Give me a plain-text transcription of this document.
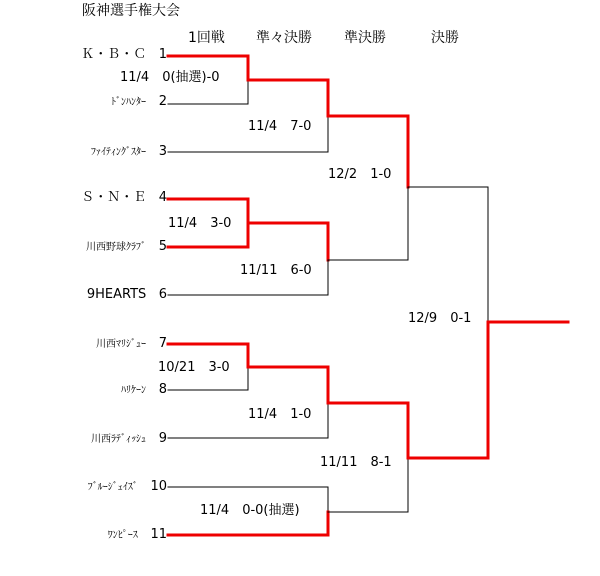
阪神選手権大会
1回戦 準々決勝 準決勝	決勝
Ｋ・Ｂ・Ｃ 1
ﾄﾞﾝﾊﾝﾀｰ 2
ﾌｧｲﾃｨﾝｸﾞｽﾀｰ 3
Ｓ・Ｎ・Ｅ 4
川西野球ｸﾗﾌﾞ 5
9HEARTS 6
川西ﾏﾘｼﾞｭｰ 7
ﾊﾘｹｰﾝ 8
川西ﾗﾃﾞｨｯｼｭ 9
ﾌﾞﾙｰｼﾞｪｲｽﾞ 10
ﾜﾝﾋﾟｰｽ 11
11/4　0(抽選)-0
11/4　3-0
10/21　3-0
11/4　7-0
11/11　6-0
11/4　1-0
11/4　0-0(抽選)
12/2　1-0
11/11　8-1
12/9　0-1
